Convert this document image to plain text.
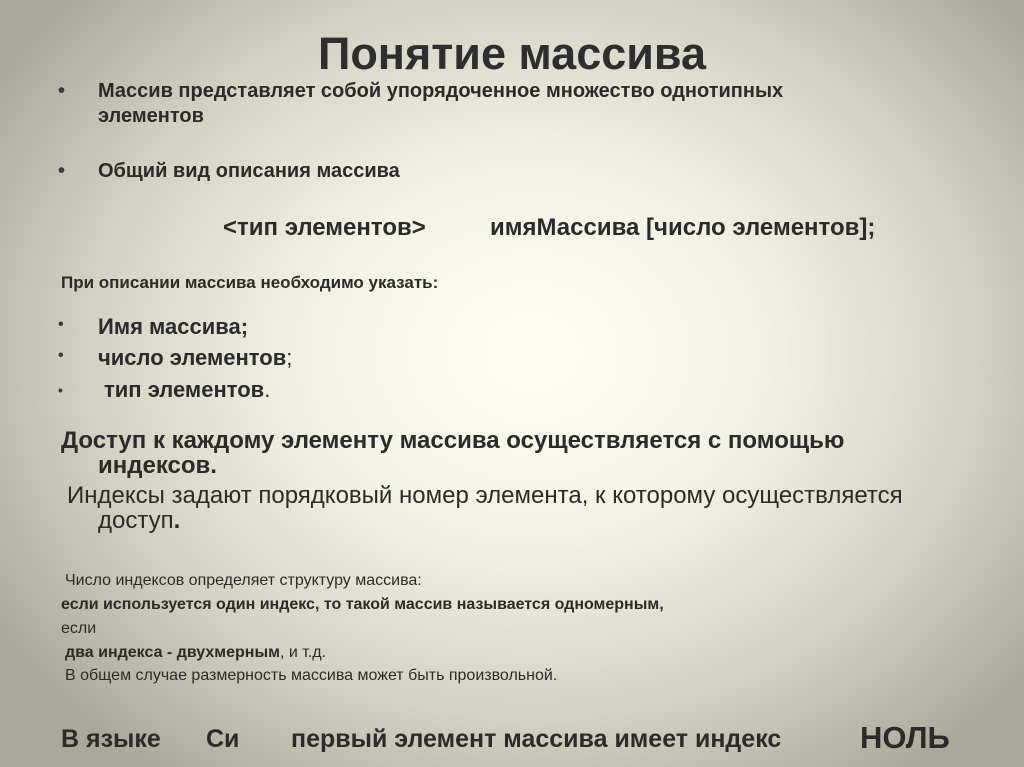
Понятие массива
• Массив представляет собой упорядоченное множество однотипных
элементов
• Общий вид описания массива
<тип элементов>	имяМассива [число элементов];
При описании массива необходимо указать:
• Имя массива;
• число элементов;
• тип элементов.
Доступ к каждому элементу массива осуществляется с помощью
индексов.
Индексы задают порядковый номер элемента, к которому осуществляется
доступ.
Число индексов определяет структуру массива:
если используется один индекс, то такой массив называется одномерным,
если
два индекса - двухмерным, и т.д.
В общем случае размерность массива может быть произвольной.
В языке Си первый элемент массива имеет индекс	НОЛЬ
